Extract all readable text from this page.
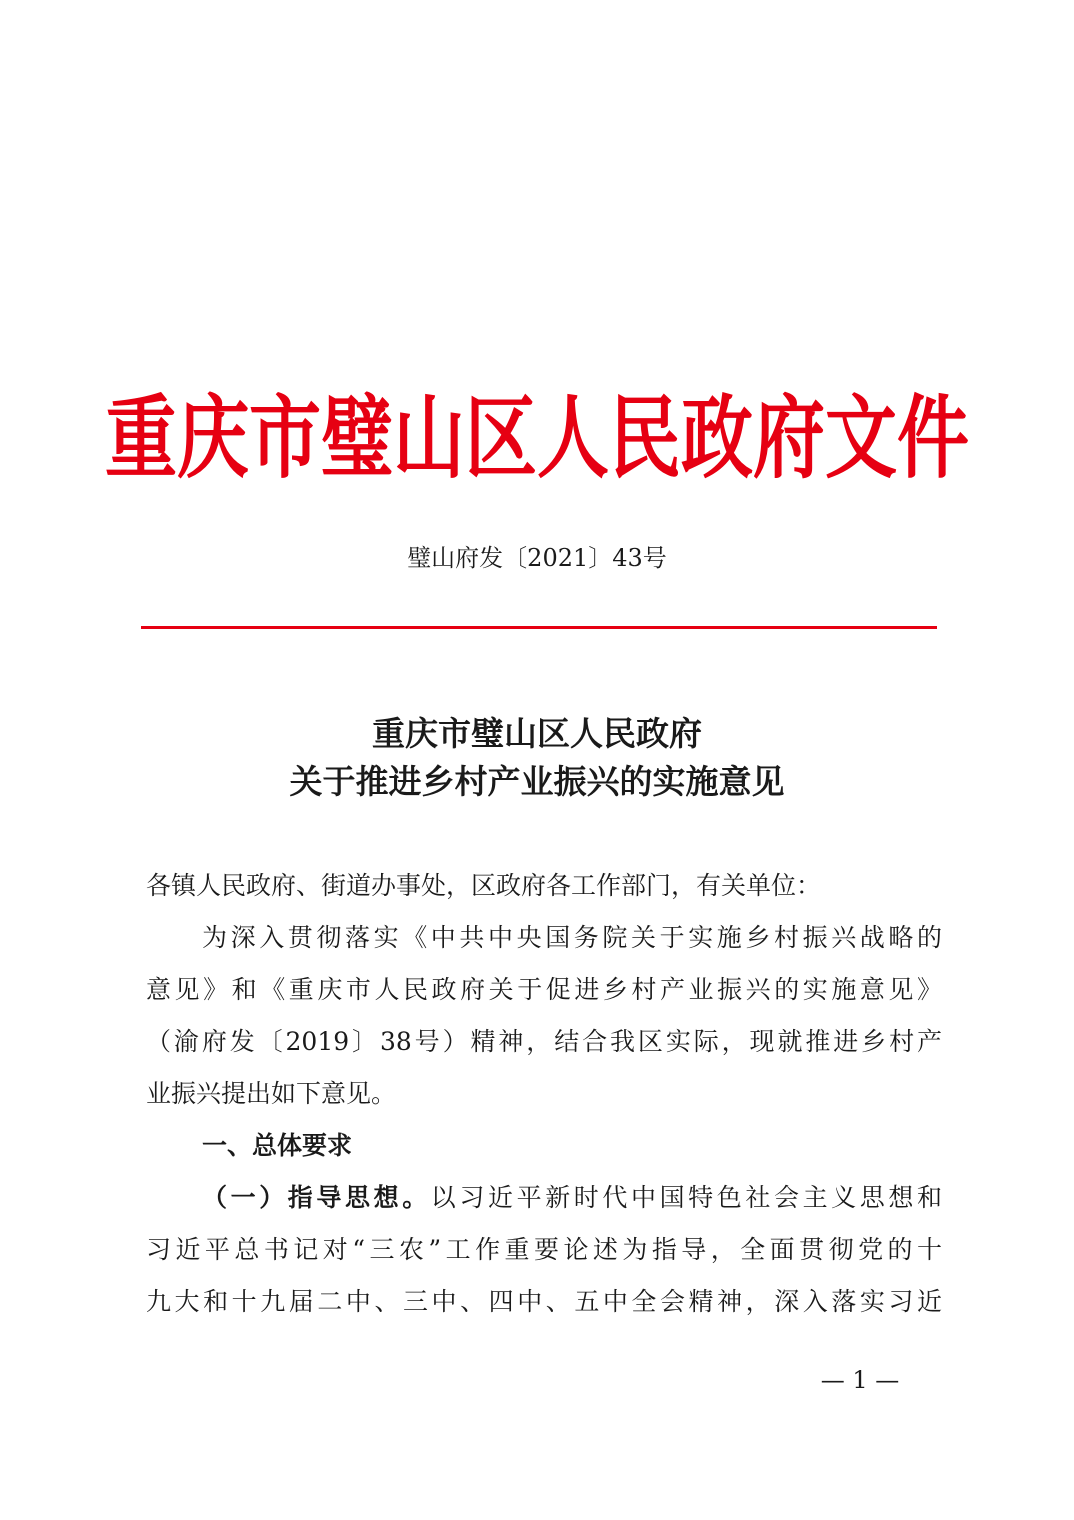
重庆市璧山区人民政府文件
璧山府发〔2021〕43号
重庆市璧山区人民政府
关于推进乡村产业振兴的实施意见
各镇人民政府、街道办事处，区政府各工作部门，有关单位：
为深入贯彻落实《中共中央国务院关于实施乡村振兴战略的
意见》和《重庆市人民政府关于促进乡村产业振兴的实施意见》
（渝府发〔2019〕38号）精神，结合我区实际，现就推进乡村产
业振兴提出如下意见。
一、总体要求
（一）指导思想。以习近平新时代中国特色社会主义思想和
习近平总书记对“三农”工作重要论述为指导，全面贯彻党的十
九大和十九届二中、三中、四中、五中全会精神，深入落实习近
— 1 —
